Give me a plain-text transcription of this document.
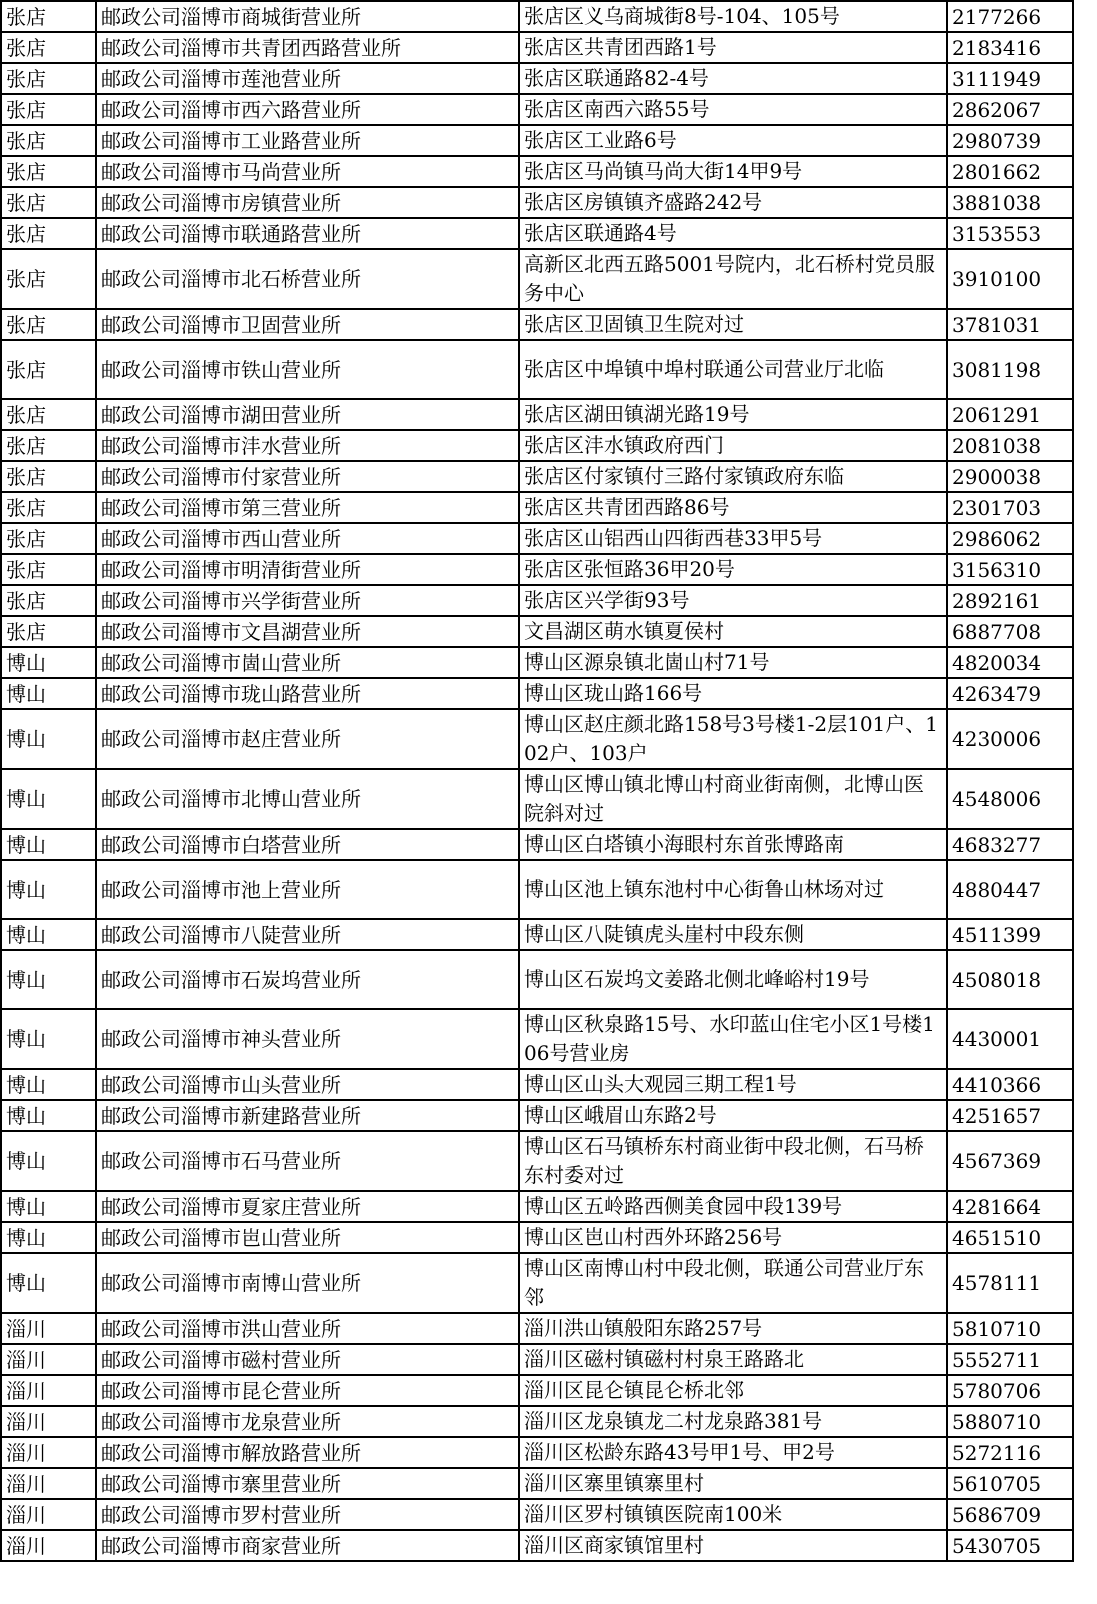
张店	邮政公司淄博市商城街营业所	张店区义乌商城街8号-104、105号	2177266
张店	邮政公司淄博市共青团西路营业所	张店区共青团西路1号	2183416
张店	邮政公司淄博市莲池营业所	张店区联通路82-4号	3111949
张店	邮政公司淄博市西六路营业所	张店区南西六路55号	2862067
张店	邮政公司淄博市工业路营业所	张店区工业路6号	2980739
张店	邮政公司淄博市马尚营业所	张店区马尚镇马尚大街14甲9号	2801662
张店	邮政公司淄博市房镇营业所	张店区房镇镇齐盛路242号	3881038
张店	邮政公司淄博市联通路营业所	张店区联通路4号	3153553
张店	邮政公司淄博市北石桥营业所	高新区北西五路5001号院内，北石桥村党员服务中心	3910100
张店	邮政公司淄博市卫固营业所	张店区卫固镇卫生院对过	3781031
张店	邮政公司淄博市铁山营业所	张店区中埠镇中埠村联通公司营业厅北临	3081198
张店	邮政公司淄博市湖田营业所	张店区湖田镇湖光路19号	2061291
张店	邮政公司淄博市沣水营业所	张店区沣水镇政府西门	2081038
张店	邮政公司淄博市付家营业所	张店区付家镇付三路付家镇政府东临	2900038
张店	邮政公司淄博市第三营业所	张店区共青团西路86号	2301703
张店	邮政公司淄博市西山营业所	张店区山铝西山四街西巷33甲5号	2986062
张店	邮政公司淄博市明清街营业所	张店区张恒路36甲20号	3156310
张店	邮政公司淄博市兴学街营业所	张店区兴学街93号	2892161
张店	邮政公司淄博市文昌湖营业所	文昌湖区萌水镇夏侯村	6887708
博山	邮政公司淄博市崮山营业所	博山区源泉镇北崮山村71号	4820034
博山	邮政公司淄博市珑山路营业所	博山区珑山路166号	4263479
博山	邮政公司淄博市赵庄营业所	博山区赵庄颜北路158号3号楼1-2层101户、102户、103户	4230006
博山	邮政公司淄博市北博山营业所	博山区博山镇北博山村商业街南侧，北博山医院斜对过	4548006
博山	邮政公司淄博市白塔营业所	博山区白塔镇小海眼村东首张博路南	4683277
博山	邮政公司淄博市池上营业所	博山区池上镇东池村中心街鲁山林场对过	4880447
博山	邮政公司淄博市八陡营业所	博山区八陡镇虎头崖村中段东侧	4511399
博山	邮政公司淄博市石炭坞营业所	博山区石炭坞文姜路北侧北峰峪村19号	4508018
博山	邮政公司淄博市神头营业所	博山区秋泉路15号、水印蓝山住宅小区1号楼106号营业房	4430001
博山	邮政公司淄博市山头营业所	博山区山头大观园三期工程1号	4410366
博山	邮政公司淄博市新建路营业所	博山区峨眉山东路2号	4251657
博山	邮政公司淄博市石马营业所	博山区石马镇桥东村商业街中段北侧，石马桥东村委对过	4567369
博山	邮政公司淄博市夏家庄营业所	博山区五岭路西侧美食园中段139号	4281664
博山	邮政公司淄博市岜山营业所	博山区岜山村西外环路256号	4651510
博山	邮政公司淄博市南博山营业所	博山区南博山村中段北侧，联通公司营业厅东邻	4578111
淄川	邮政公司淄博市洪山营业所	淄川洪山镇般阳东路257号	5810710
淄川	邮政公司淄博市磁村营业所	淄川区磁村镇磁村村泉王路路北	5552711
淄川	邮政公司淄博市昆仑营业所	淄川区昆仑镇昆仑桥北邻	5780706
淄川	邮政公司淄博市龙泉营业所	淄川区龙泉镇龙二村龙泉路381号	5880710
淄川	邮政公司淄博市解放路营业所	淄川区松龄东路43号甲1号、甲2号	5272116
淄川	邮政公司淄博市寨里营业所	淄川区寨里镇寨里村	5610705
淄川	邮政公司淄博市罗村营业所	淄川区罗村镇镇医院南100米	5686709
淄川	邮政公司淄博市商家营业所	淄川区商家镇馆里村	5430705
